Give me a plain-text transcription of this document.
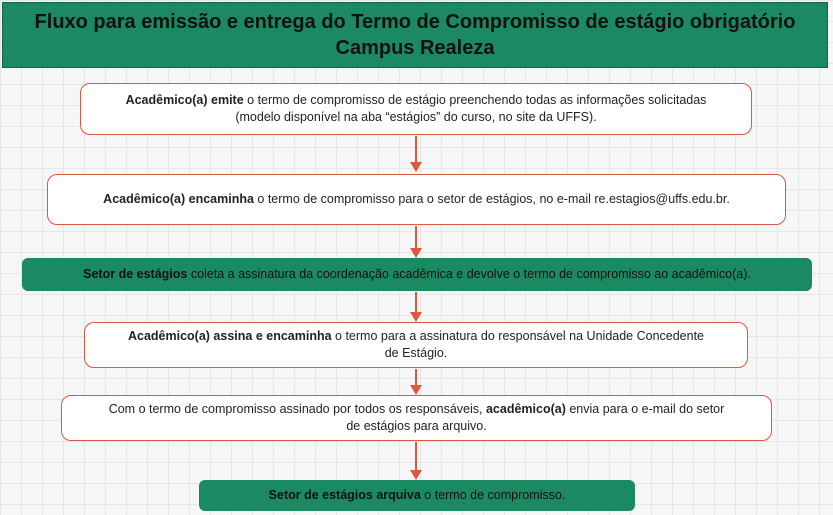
Fluxo para emissão e entrega do Termo de Compromisso de estágio obrigatório
Campus Realeza
Acadêmico(a) emite o termo de compromisso de estágio preenchendo todas as informações solicitadas
(modelo disponível na aba “estágios” do curso, no site da UFFS).
Acadêmico(a) encaminha o termo de compromisso para o setor de estágios, no e-mail re.estagios@uffs.edu.br.
Setor de estágios coleta a assinatura da coordenação acadêmica e devolve o termo de compromisso ao acadêmico(a).
Acadêmico(a) assina e encaminha o termo para a assinatura do responsável na Unidade Concedente
de Estágio.
Com o termo de compromisso assinado por todos os responsáveis, acadêmico(a) envia para o e-mail do setor
de estágios para arquivo.
Setor de estágios arquiva o termo de compromisso.
